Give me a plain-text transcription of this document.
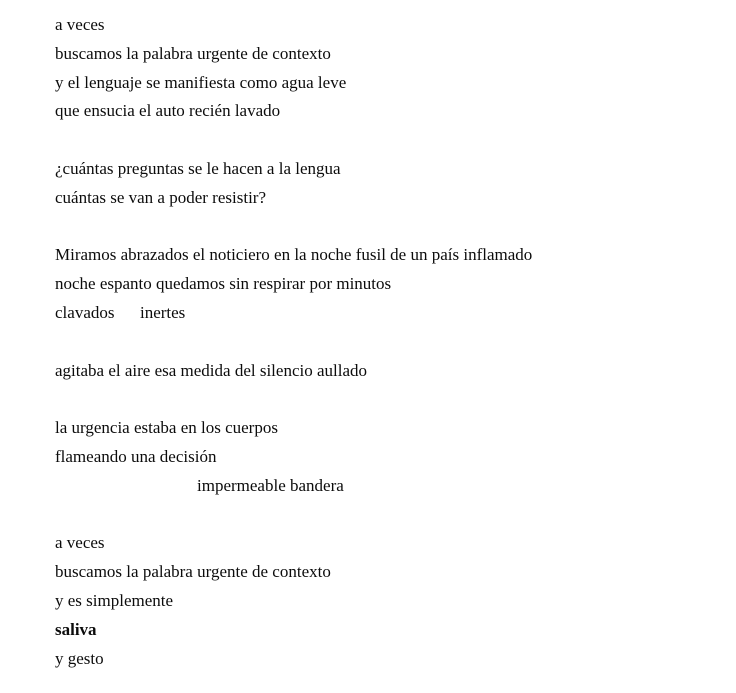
a veces
buscamos la palabra urgente de contexto
y el lenguaje se manifiesta como agua leve
que ensucia el auto recién lavado
¿cuántas preguntas se le hacen a la lengua
cuántas se van a poder resistir?
Miramos abrazados el noticiero en la noche fusil de un país inflamado
noche espanto quedamos sin respirar por minutos
clavados      inertes
agitaba el aire esa medida del silencio aullado
la urgencia estaba en los cuerpos
flameando una decisión
impermeable bandera
a veces
buscamos la palabra urgente de contexto
y es simplemente
saliva
y gesto
